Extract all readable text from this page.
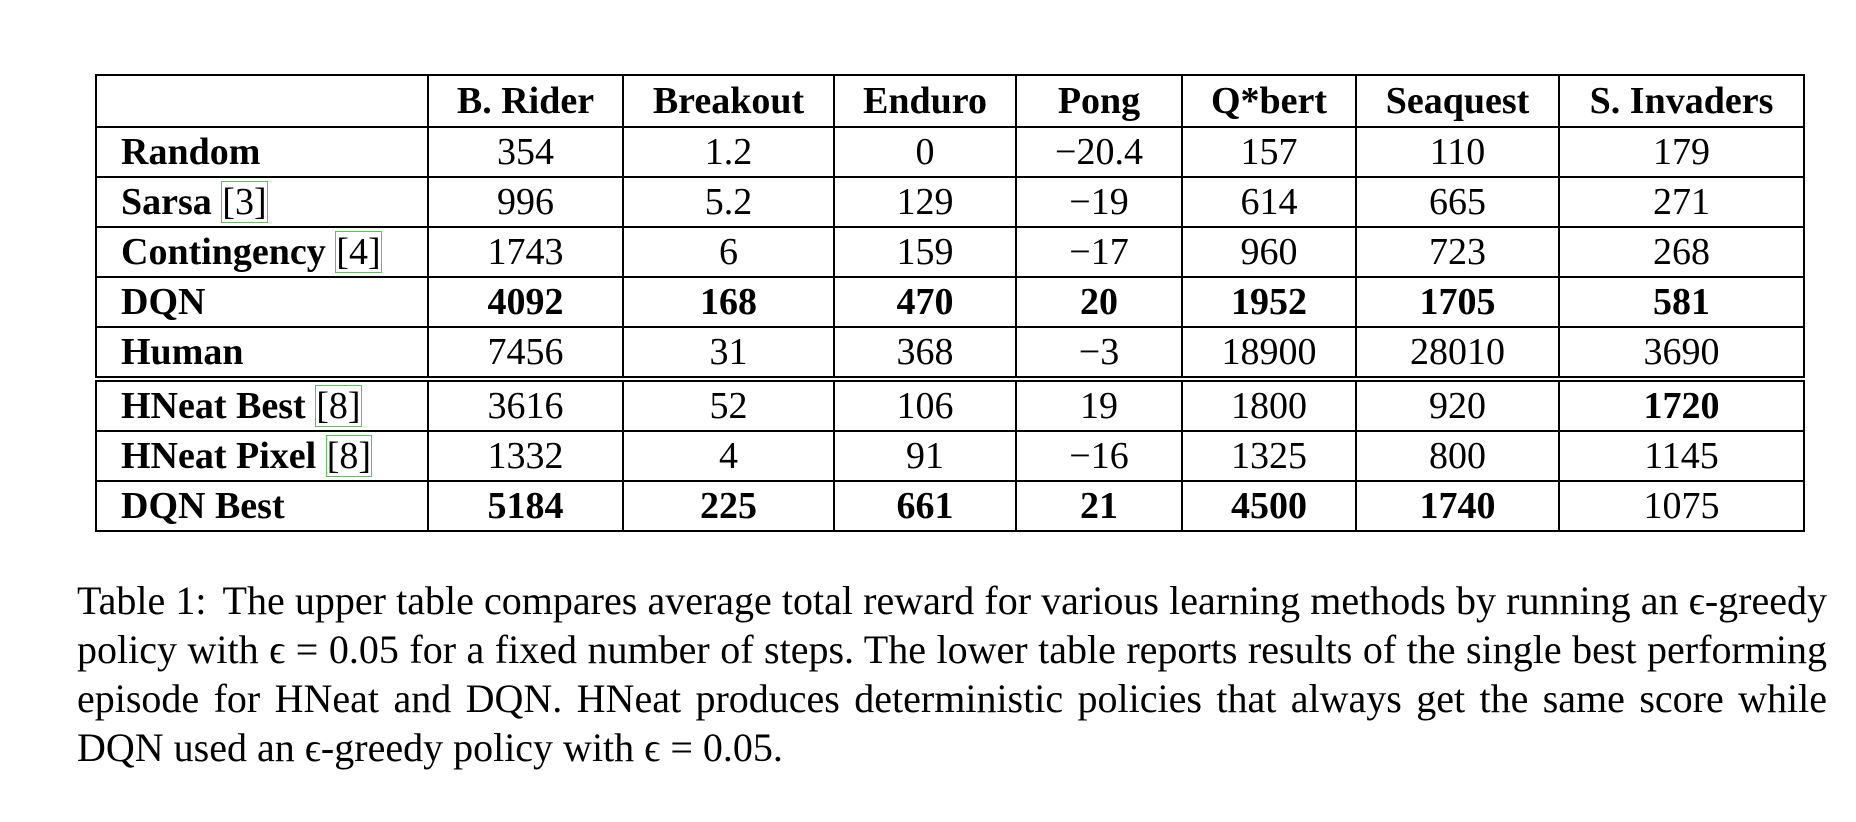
	B. Rider	Breakout	Enduro	Pong	Q*bert	Seaquest	S. Invaders
Random	354	1.2	0	−20.4	157	110	179
Sarsa [3]	996	5.2	129	−19	614	665	271
Contingency [4]	1743	6	159	−17	960	723	268
DQN	4092	168	470	20	1952	1705	581
Human	7456	31	368	−3	18900	28010	3690
HNeat Best [8]	3616	52	106	19	1800	920	1720
HNeat Pixel [8]	1332	4	91	−16	1325	800	1145
DQN Best	5184	225	661	21	4500	1740	1075

Table 1: The upper table compares average total reward for various learning methods by running an ϵ-greedy policy with ϵ = 0.05 for a fixed number of steps. The lower table reports results of the single best performing episode for HNeat and DQN. HNeat produces deterministic policies that always get the same score while DQN used an ϵ-greedy policy with ϵ = 0.05.
